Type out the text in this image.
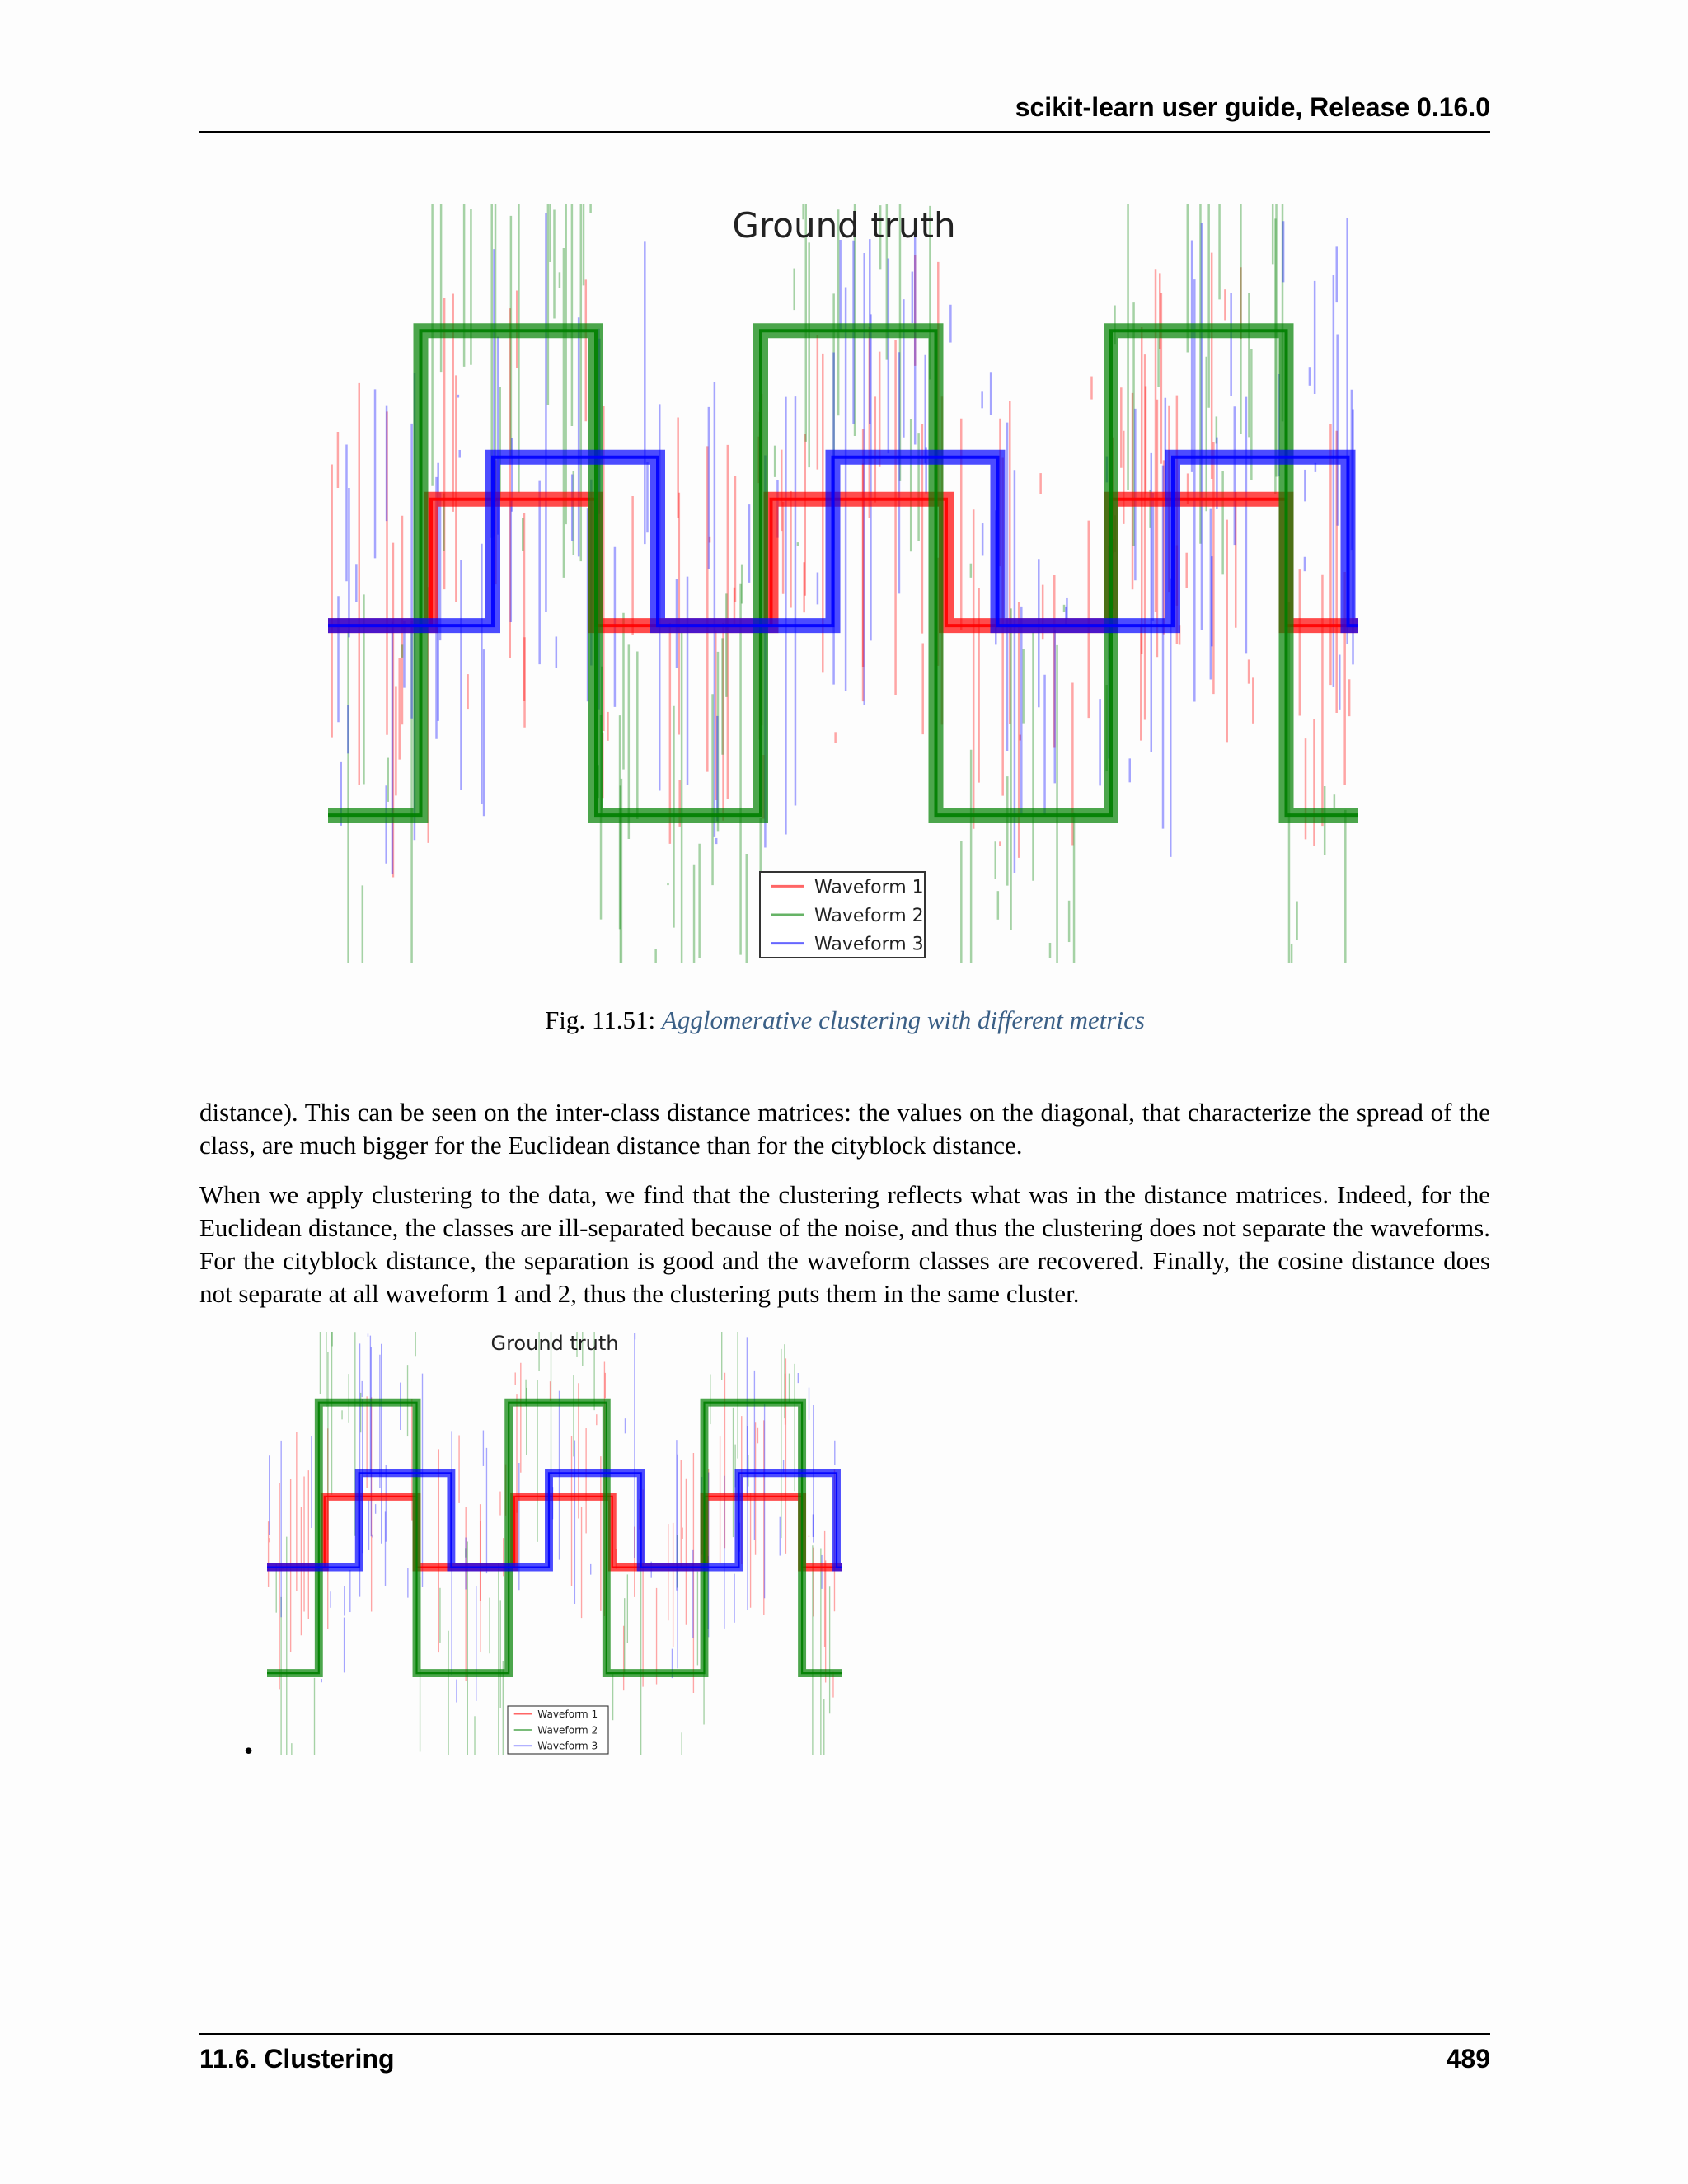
scikit-learn user guide, Release 0.16.0
Ground truth
Waveform 1
Waveform 2
Waveform 3
Fig. 11.51: Agglomerative clustering with different metrics

distance). This can be seen on the inter-class distance matrices: the values on the diagonal, that characterize the spread of the class, are much bigger for the Euclidean distance than for the cityblock distance.

When we apply clustering to the data, we find that the clustering reflects what was in the distance matrices. Indeed, for the Euclidean distance, the classes are ill-separated because of the noise, and thus the clustering does not separate the waveforms. For the cityblock distance, the separation is good and the waveform classes are recovered. Finally, the cosine distance does not separate at all waveform 1 and 2, thus the clustering puts them in the same cluster.

Ground truth
Waveform 1
Waveform 2
Waveform 3
•
11.6. Clustering	489
